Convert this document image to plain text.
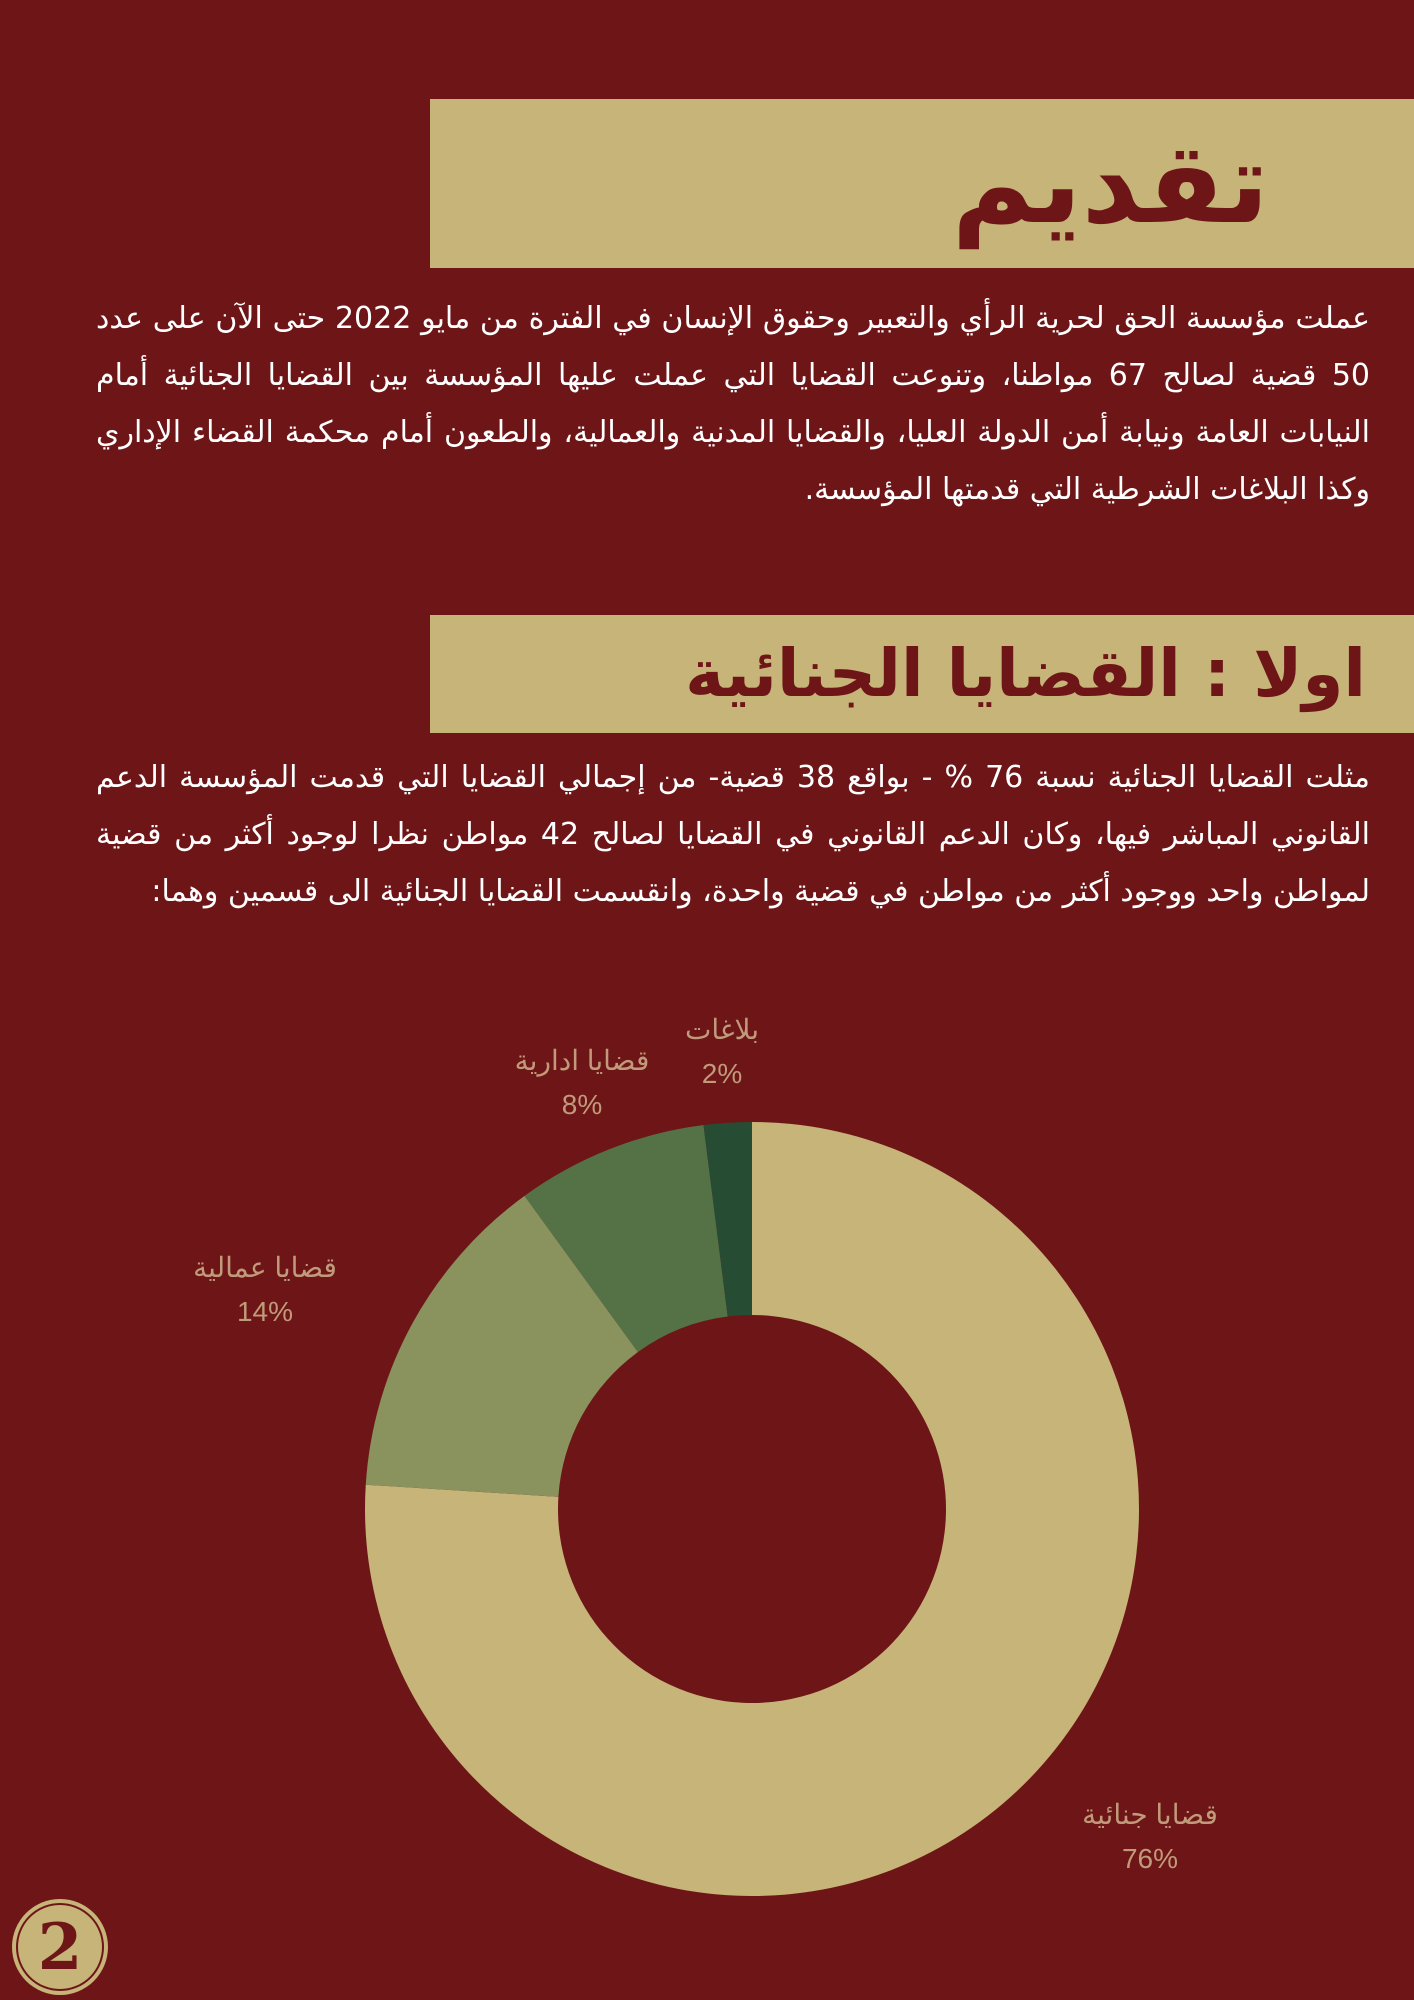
تقديم
عملت مؤسسة الحق لحرية الرأي والتعبير وحقوق الإنسان في الفترة من مايو 2022 حتى الآن على عدد 50 قضية لصالح 67 مواطنا، وتنوعت القضايا التي عملت عليها المؤسسة بين القضايا الجنائية أمام النيابات العامة ونيابة أمن الدولة العليا، والقضايا المدنية والعمالية، والطعون أمام محكمة القضاء الإداري وكذا البلاغات الشرطية التي قدمتها المؤسسة.
اولا : القضايا الجنائية
مثلت القضايا الجنائية نسبة 76 % - بواقع 38 قضية- من إجمالي القضايا التي قدمت المؤسسة الدعم القانوني المباشر فيها، وكان الدعم القانوني في القضايا لصالح 42 مواطن نظرا لوجود أكثر من قضية لمواطن واحد ووجود أكثر من مواطن في قضية واحدة، وانقسمت القضايا الجنائية الى قسمين وهما:
قضايا جنائية
76%
قضايا عمالية
14%
قضايا ادارية
8%
بلاغات
2%
2
